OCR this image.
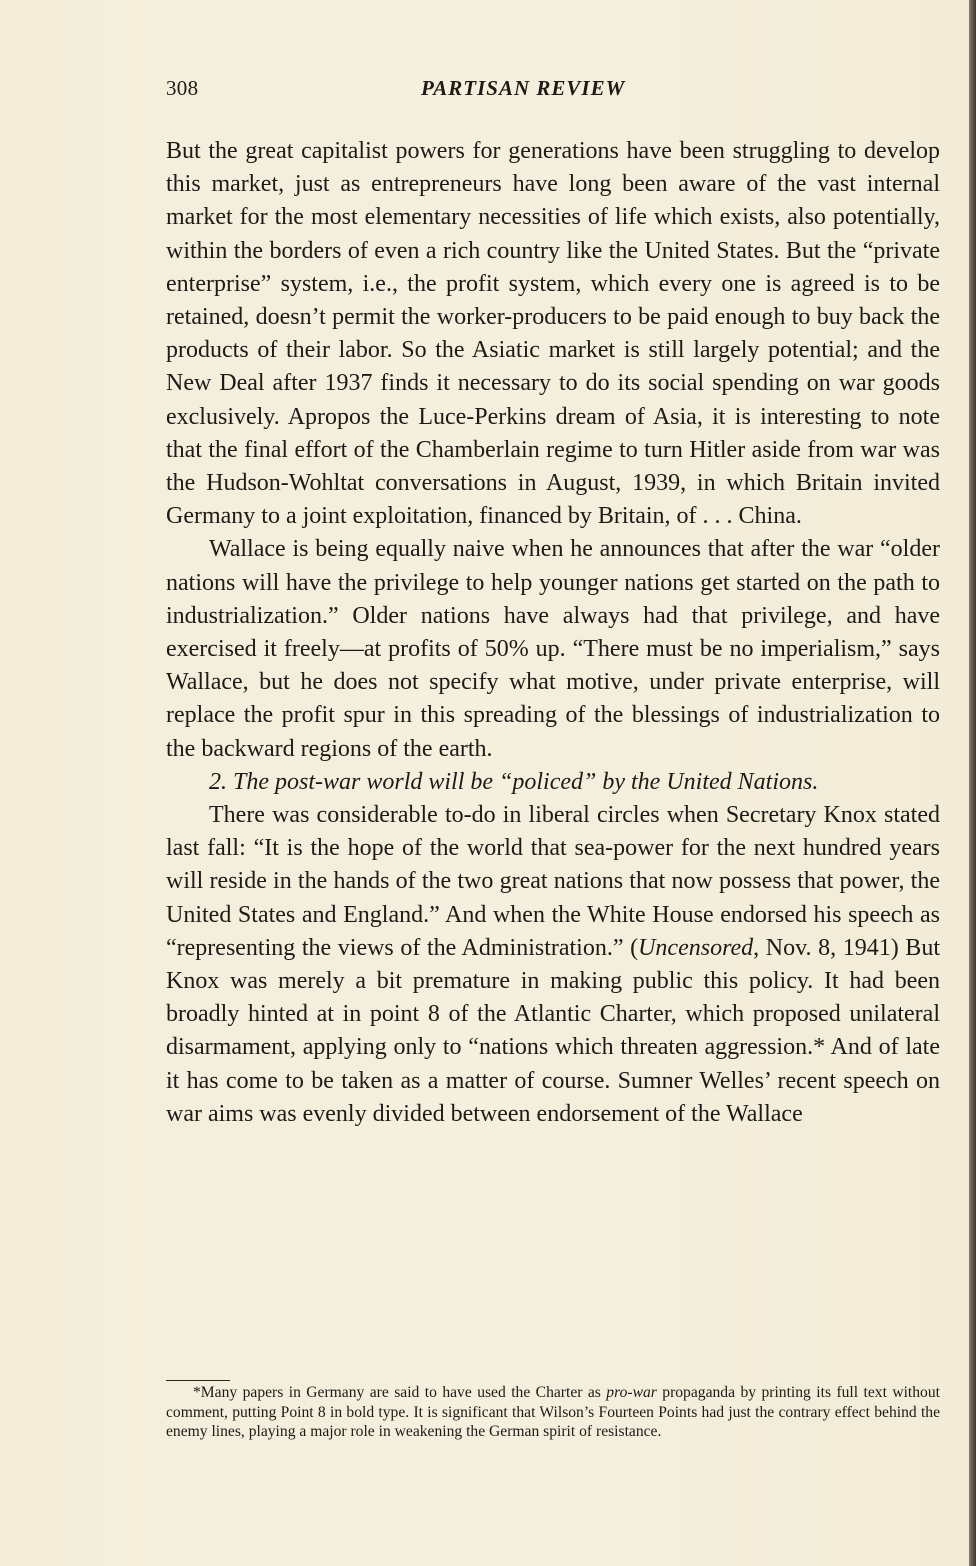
308	PARTISAN REVIEW

But the great capitalist powers for generations have been struggling to develop this market, just as entrepreneurs have long been aware of the vast internal market for the most elementary necessities of life which exists, also potentially, within the borders of even a rich country like the United States. But the “private enterprise” system, i.e., the profit system, which every one is agreed is to be retained, doesn’t permit the worker-producers to be paid enough to buy back the products of their labor. So the Asiatic market is still largely potential; and the New Deal after 1937 finds it necessary to do its social spending on war goods exclusively. Apropos the Luce-Perkins dream of Asia, it is interesting to note that the final effort of the Chamberlain regime to turn Hitler aside from war was the Hudson-Wohltat conversations in August, 1939, in which Britain invited Germany to a joint exploitation, financed by Britain, of . . . China.

Wallace is being equally naive when he announces that after the war “older nations will have the privilege to help younger nations get started on the path to industrialization.” Older nations have always had that privilege, and have exercised it freely—at profits of 50% up. “There must be no imperialism,” says Wallace, but he does not specify what motive, under private enterprise, will replace the profit spur in this spreading of the blessings of industrialization to the backward regions of the earth.

2. The post-war world will be “policed” by the United Nations.

There was considerable to-do in liberal circles when Secretary Knox stated last fall: “It is the hope of the world that sea-power for the next hundred years will reside in the hands of the two great nations that now possess that power, the United States and England.” And when the White House endorsed his speech as “representing the views of the Administration.” (Uncensored, Nov. 8, 1941) But Knox was merely a bit premature in making public this policy. It had been broadly hinted at in point 8 of the Atlantic Charter, which proposed unilateral disarmament, applying only to “nations which threaten aggression.* And of late it has come to be taken as a matter of course. Sumner Welles’ recent speech on war aims was evenly divided between endorsement of the Wallace

*Many papers in Germany are said to have used the Charter as pro-war propaganda by printing its full text without comment, putting Point 8 in bold type. It is significant that Wilson’s Fourteen Points had just the contrary effect behind the enemy lines, playing a major role in weakening the German spirit of resistance.
